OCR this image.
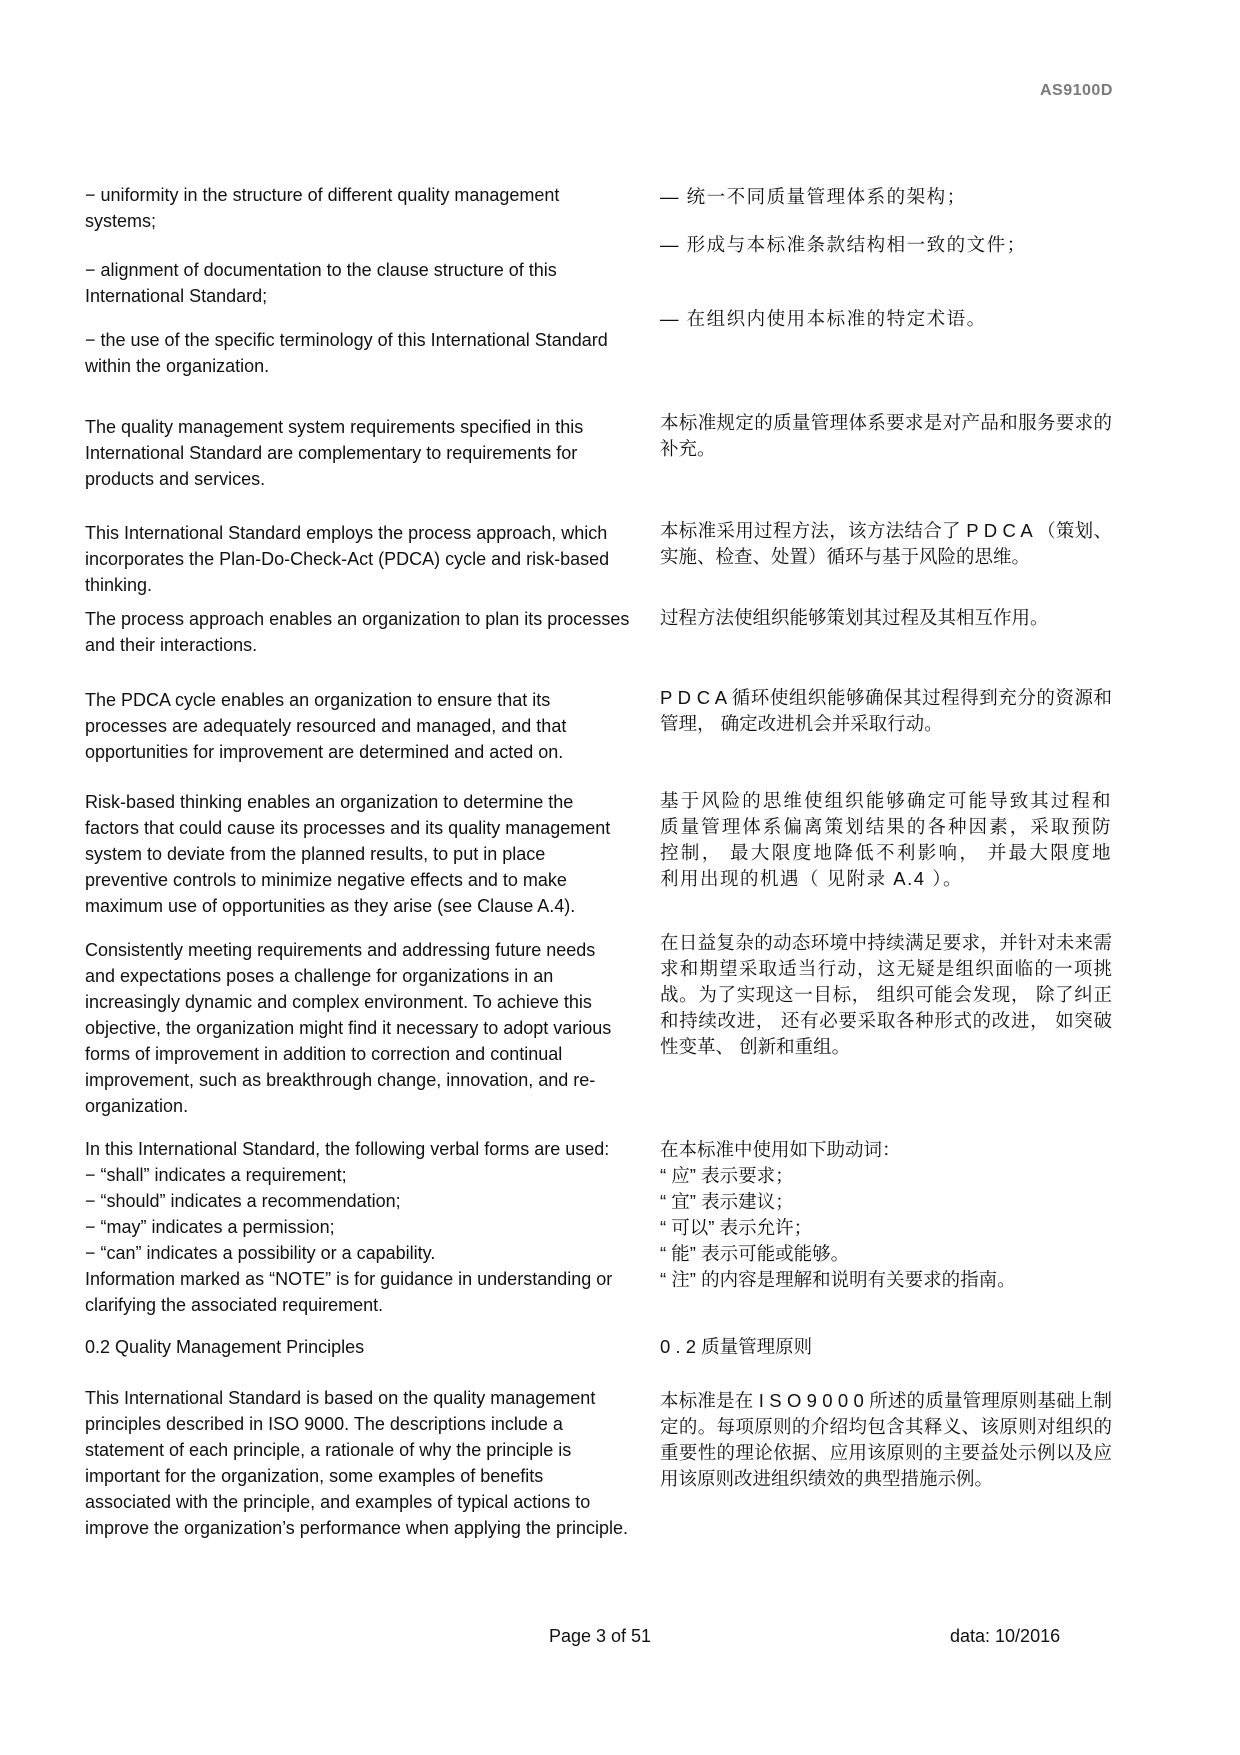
AS9100D
− uniformity in the structure of different quality management systems;
− alignment of documentation to the clause structure of this International Standard;
− the use of the specific terminology of this International Standard within the organization.
The quality management system requirements specified in this International Standard are complementary to requirements for products and services.
This International Standard employs the process approach, which incorporates the Plan-Do-Check-Act (PDCA) cycle and risk-based thinking.
The process approach enables an organization to plan its processes and their interactions.
The PDCA cycle enables an organization to ensure that its processes are adequately resourced and managed, and that opportunities for improvement are determined and acted on.
Risk-based thinking enables an organization to determine the factors that could cause its processes and its quality management system to deviate from the planned results, to put in place preventive controls to minimize negative effects and to make maximum use of opportunities as they arise (see Clause A.4).
Consistently meeting requirements and addressing future needs and expectations poses a challenge for organizations in an increasingly dynamic and complex environment. To achieve this objective, the organization might find it necessary to adopt various forms of improvement in addition to correction and continual improvement, such as breakthrough change, innovation, and re-organization.
In this International Standard, the following verbal forms are used:
− “shall” indicates a requirement;
− “should” indicates a recommendation;
− “may” indicates a permission;
− “can” indicates a possibility or a capability.
Information marked as “NOTE” is for guidance in understanding or clarifying the associated requirement.
0.2 Quality Management Principles
This International Standard is based on the quality management principles described in ISO 9000. The descriptions include a statement of each principle, a rationale of why the principle is important for the organization, some examples of benefits associated with the principle, and examples of typical actions to improve the organization’s performance when applying the principle.
— 统一不同质量管理体系的架构；
— 形成与本标准条款结构相一致的文件；
— 在组织内使用本标准的特定术语。
本标准规定的质量管理体系要求是对产品和服务要求的补充。
本标准采用过程方法，该方法结合了 P D C A （策划、实施、检查、处置）循环与基于风险的思维。
过程方法使组织能够策划其过程及其相互作用。
P D C A 循环使组织能够确保其过程得到充分的资源和管理， 确定改进机会并采取行动。
基于风险的思维使组织能够确定可能导致其过程和质量管理体系偏离策划结果的各种因素，采取预防控制， 最大限度地降低不利影响， 并最大限度地利用出现的机遇（ 见附录 A.4 ）。
在日益复杂的动态环境中持续满足要求，并针对未来需求和期望采取适当行动，这无疑是组织面临的一项挑战。为了实现这一目标， 组织可能会发现， 除了纠正和持续改进， 还有必要采取各种形式的改进， 如突破性变革、 创新和重组。
在本标准中使用如下助动词：
“ 应” 表示要求；
“ 宜” 表示建议；
“ 可以” 表示允许；
“ 能” 表示可能或能够。
“ 注” 的内容是理解和说明有关要求的指南。
0 . 2 质量管理原则
本标准是在 I S O 9 0 0 0 所述的质量管理原则基础上制定的。每项原则的介绍均包含其释义、该原则对组织的重要性的理论依据、应用该原则的主要益处示例以及应用该原则改进组织绩效的典型措施示例。
Page 3 of 51	data: 10/2016
